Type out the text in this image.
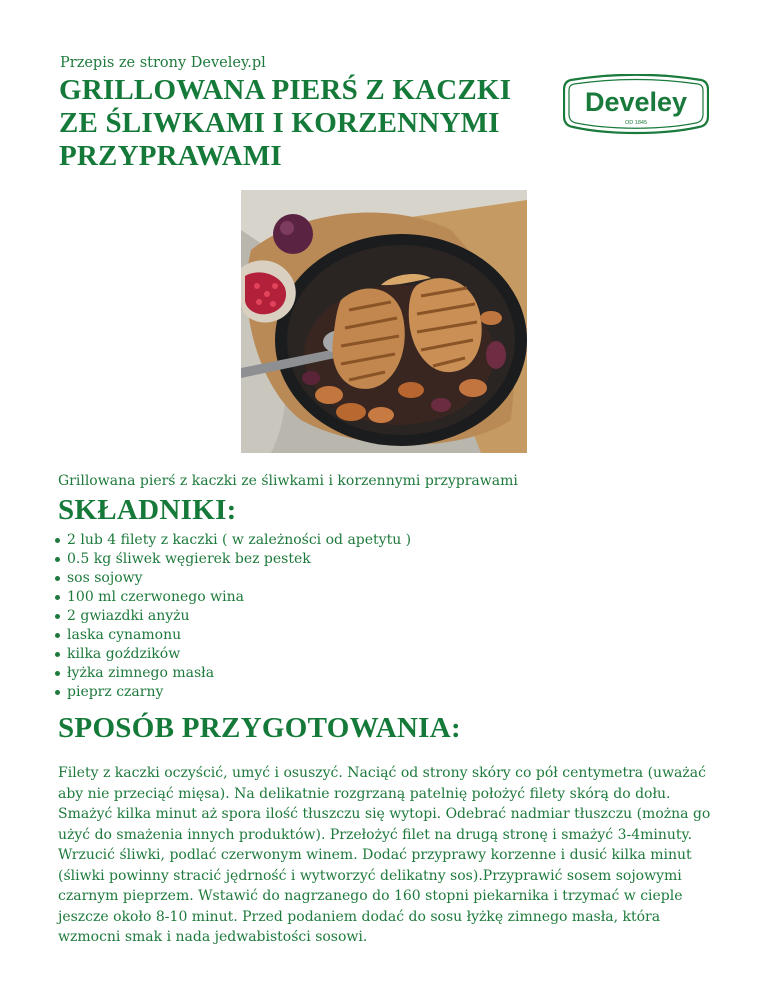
Przepis ze strony Develey.pl
GRILLOWANA PIERŚ Z KACZKI ZE ŚLIWKAMI I KORZENNYMI PRZYPRAWAMI
Develey
OD 1845
Grillowana pierś z kaczki ze śliwkami i korzennymi przyprawami
SKŁADNIKI:
2 lub 4 filety z kaczki ( w zależności od apetytu )
0.5 kg śliwek węgierek bez pestek
sos sojowy
100 ml czerwonego wina
2 gwiazdki anyżu
laska cynamonu
kilka goździków
łyżka zimnego masła
pieprz czarny
SPOSÓB PRZYGOTOWANIA:

Filety z kaczki oczyścić, umyć i osuszyć. Naciąć od strony skóry co pół centymetra (uważać aby nie przeciąć mięsa). Na delikatnie rozgrzaną patelnię położyć filety skórą do dołu. Smażyć kilka minut aż spora ilość tłuszczu się wytopi. Odebrać nadmiar tłuszczu (można go użyć do smażenia innych produktów). Przełożyć filet na drugą stronę i smażyć 3-4minuty. Wrzucić śliwki, podlać czerwonym winem. Dodać przyprawy korzenne i dusić kilka minut (śliwki powinny stracić jędrność i wytworzyć delikatny sos).Przyprawić sosem sojowymi czarnym pieprzem. Wstawić do nagrzanego do 160 stopni piekarnika i trzymać w cieple jeszcze około 8-10 minut. Przed podaniem dodać do sosu łyżkę zimnego masła, która wzmocni smak i nada jedwabistości sosowi.
